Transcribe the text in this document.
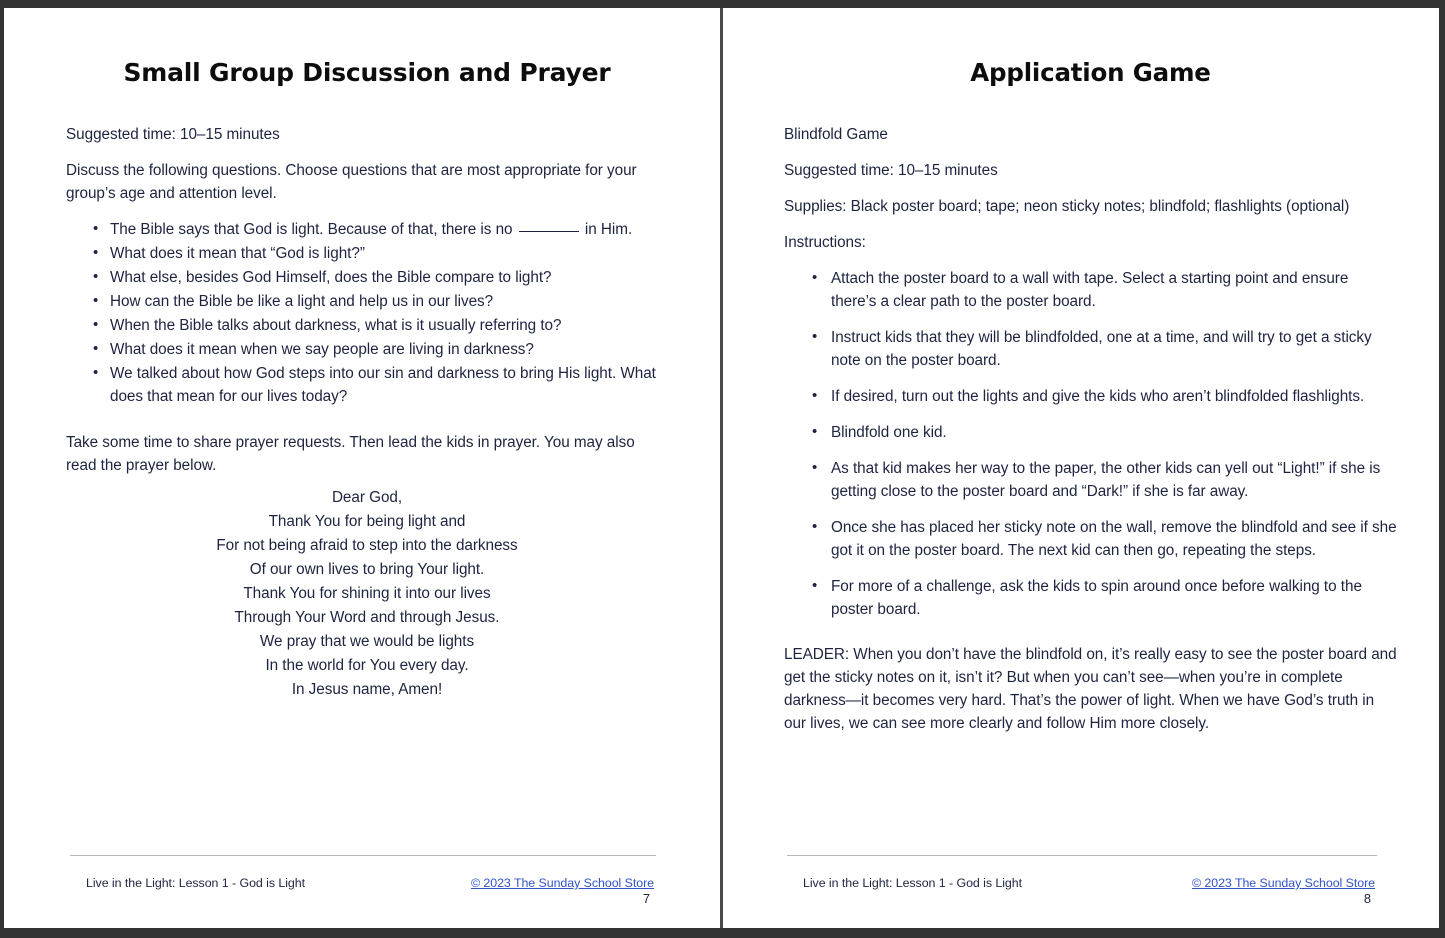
Small Group Discussion and Prayer

Suggested time: 10–15 minutes

Discuss the following questions. Choose questions that are most appropriate for your group’s age and attention level.

• The Bible says that God is light. Because of that, there is no	in Him.
• What does it mean that “God is light?”
• What else, besides God Himself, does the Bible compare to light?
• How can the Bible be like a light and help us in our lives?
• When the Bible talks about darkness, what is it usually referring to?
• What does it mean when we say people are living in darkness?
• We talked about how God steps into our sin and darkness to bring His light. What does that mean for our lives today?

Take some time to share prayer requests. Then lead the kids in prayer. You may also read the prayer below.

Dear God,
Thank You for being light and
For not being afraid to step into the darkness
Of our own lives to bring Your light.
Thank You for shining it into our lives
Through Your Word and through Jesus.
We pray that we would be lights
In the world for You every day.
In Jesus name, Amen!
Live in the Light: Lesson 1 - God is Light	© 2023 The Sunday School Store
7
Application Game

Blindfold Game

Suggested time: 10–15 minutes

Supplies: Black poster board; tape; neon sticky notes; blindfold; flashlights (optional)

Instructions:

• Attach the poster board to a wall with tape. Select a starting point and ensure there’s a clear path to the poster board.
• Instruct kids that they will be blindfolded, one at a time, and will try to get a sticky note on the poster board.
• If desired, turn out the lights and give the kids who aren’t blindfolded flashlights.
• Blindfold one kid.
• As that kid makes her way to the paper, the other kids can yell out “Light!” if she is getting close to the poster board and “Dark!” if she is far away.
• Once she has placed her sticky note on the wall, remove the blindfold and see if she got it on the poster board. The next kid can then go, repeating the steps.
• For more of a challenge, ask the kids to spin around once before walking to the poster board.

LEADER: When you don’t have the blindfold on, it’s really easy to see the poster board and get the sticky notes on it, isn’t it? But when you can’t see—when you’re in complete darkness—it becomes very hard. That’s the power of light. When we have God’s truth in our lives, we can see more clearly and follow Him more closely.

Live in the Light: Lesson 1 - God is Light	© 2023 The Sunday School Store
8
